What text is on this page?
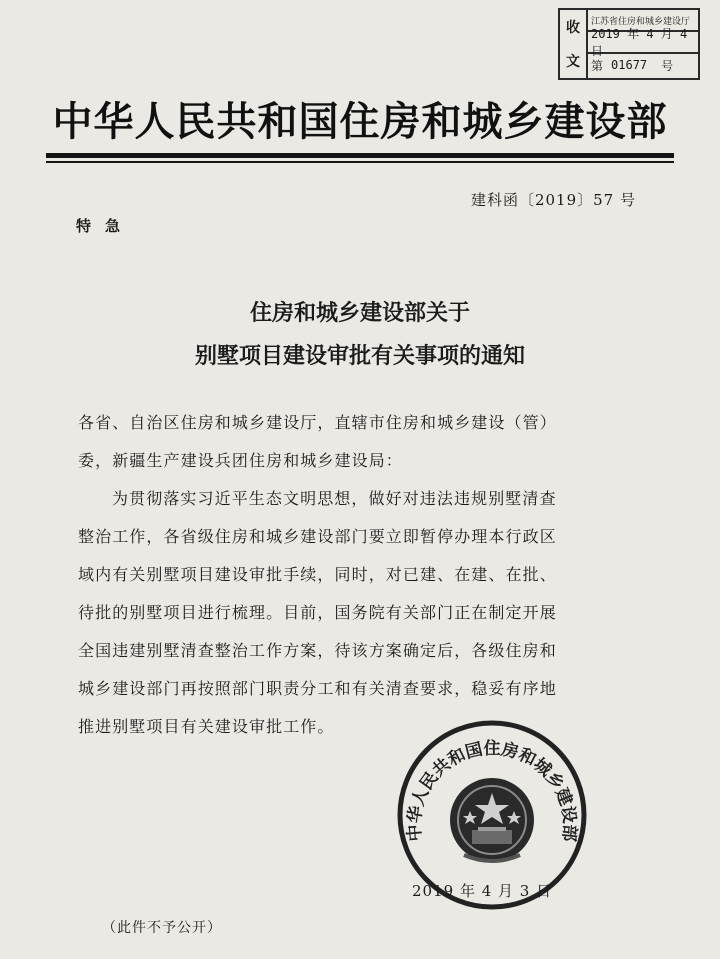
收
文
江苏省住房和城乡建设厅
2019 年 4 月 4 日
第 01677 号
中华人民共和国住房和城乡建设部
建科函〔2019〕57 号
特急
住房和城乡建设部关于
别墅项目建设审批有关事项的通知
各省、自治区住房和城乡建设厅，直辖市住房和城乡建设（管）
委，新疆生产建设兵团住房和城乡建设局：
为贯彻落实习近平生态文明思想，做好对违法违规别墅清查
整治工作，各省级住房和城乡建设部门要立即暂停办理本行政区
域内有关别墅项目建设审批手续，同时，对已建、在建、在批、
待批的别墅项目进行梳理。目前，国务院有关部门正在制定开展
全国违建别墅清查整治工作方案，待该方案确定后，各级住房和
城乡建设部门再按照部门职责分工和有关清查要求，稳妥有序地
推进别墅项目有关建设审批工作。
中华人民共和国住房和城乡建设部
2019 年 4 月 3 日
（此件不予公开）
